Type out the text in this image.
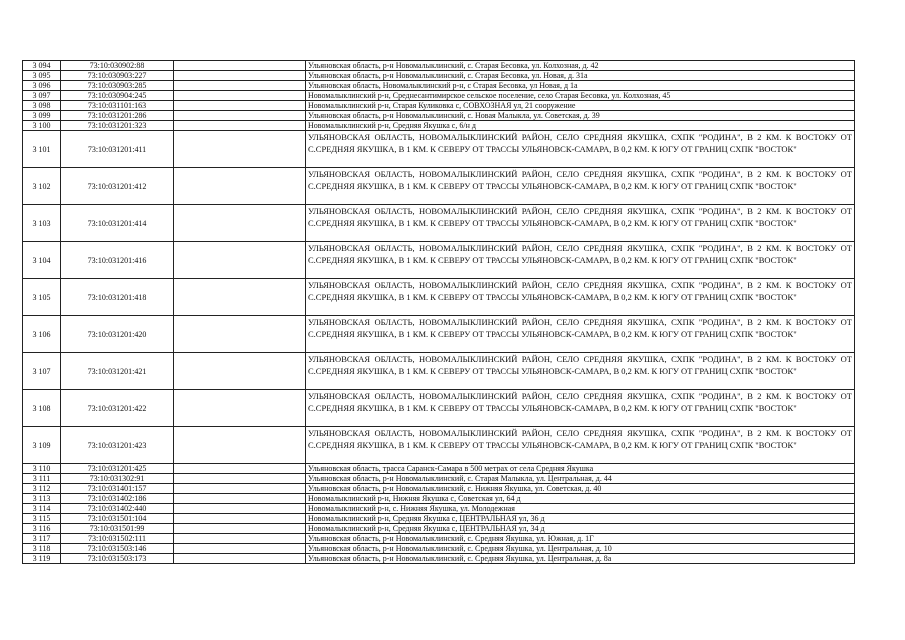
3 094	73:10:030902:88		Ульяновская область, р-н Новомалыклинский, с. Старая Бесовка, ул. Колхозная, д. 42
3 095	73:10:030903:227		Ульяновская область, р-н Новомалыклинский, с. Старая Бесовка, ул. Новая, д. 31а
3 096	73:10:030903:285		Ульяновская область, Новомалыклинский р-н, с Старая Бесовка, ул Новая, д 1а
3 097	73:10:030904:245		Новомалыклинский р-н, Среднесантимирское сельское поселение, село Старая Бесовка, ул. Колхозная, 45
3 098	73:10:031101:163		Новомалыклинский р-н, Старая Куликовка с, СОВХОЗНАЯ ул, 21 сооружение
3 099	73:10:031201:286		Ульяновская область, р-н Новомалыклинский, с. Новая Малыкла, ул. Советская, д. 39
3 100	73:10:031201:323		Новомалыклинский р-н, Средняя Якушка с, 6/н д
3 101	73:10:031201:411		УЛЬЯНОВСКАЯ ОБЛАСТЬ, НОВОМАЛЫКЛИНСКИЙ РАЙОН, СЕЛО СРЕДНЯЯ ЯКУШКА, СХПК "РОДИНА", В 2 КМ. К ВОСТОКУ ОТ С.СРЕДНЯЯ ЯКУШКА, В 1 КМ. К СЕВЕРУ ОТ ТРАССЫ УЛЬЯНОВСК-САМАРА, В 0,2 КМ. К ЮГУ ОТ ГРАНИЦ СХПК "ВОСТОК"
3 102	73:10:031201:412		УЛЬЯНОВСКАЯ ОБЛАСТЬ, НОВОМАЛЫКЛИНСКИЙ РАЙОН, СЕЛО СРЕДНЯЯ ЯКУШКА, СХПК "РОДИНА", В 2 КМ. К ВОСТОКУ ОТ С.СРЕДНЯЯ ЯКУШКА, В 1 КМ. К СЕВЕРУ ОТ ТРАССЫ УЛЬЯНОВСК-САМАРА, В 0,2 КМ. К ЮГУ ОТ ГРАНИЦ СХПК "ВОСТОК"
3 103	73:10:031201:414		УЛЬЯНОВСКАЯ ОБЛАСТЬ, НОВОМАЛЫКЛИНСКИЙ РАЙОН, СЕЛО СРЕДНЯЯ ЯКУШКА, СХПК "РОДИНА", В 2 КМ. К ВОСТОКУ ОТ С.СРЕДНЯЯ ЯКУШКА, В 1 КМ. К СЕВЕРУ ОТ ТРАССЫ УЛЬЯНОВСК-САМАРА, В 0,2 КМ. К ЮГУ ОТ ГРАНИЦ СХПК "ВОСТОК"
3 104	73:10:031201:416		УЛЬЯНОВСКАЯ ОБЛАСТЬ, НОВОМАЛЫКЛИНСКИЙ РАЙОН, СЕЛО СРЕДНЯЯ ЯКУШКА, СХПК "РОДИНА", В 2 КМ. К ВОСТОКУ ОТ С.СРЕДНЯЯ ЯКУШКА, В 1 КМ. К СЕВЕРУ ОТ ТРАССЫ УЛЬЯНОВСК-САМАРА, В 0,2 КМ. К ЮГУ ОТ ГРАНИЦ СХПК "ВОСТОК"
3 105	73:10:031201:418		УЛЬЯНОВСКАЯ ОБЛАСТЬ, НОВОМАЛЫКЛИНСКИЙ РАЙОН, СЕЛО СРЕДНЯЯ ЯКУШКА, СХПК "РОДИНА", В 2 КМ. К ВОСТОКУ ОТ С.СРЕДНЯЯ ЯКУШКА, В 1 КМ. К СЕВЕРУ ОТ ТРАССЫ УЛЬЯНОВСК-САМАРА, В 0,2 КМ. К ЮГУ ОТ ГРАНИЦ СХПК "ВОСТОК"
3 106	73:10:031201:420		УЛЬЯНОВСКАЯ ОБЛАСТЬ, НОВОМАЛЫКЛИНСКИЙ РАЙОН, СЕЛО СРЕДНЯЯ ЯКУШКА, СХПК "РОДИНА", В 2 КМ. К ВОСТОКУ ОТ С.СРЕДНЯЯ ЯКУШКА, В 1 КМ. К СЕВЕРУ ОТ ТРАССЫ УЛЬЯНОВСК-САМАРА, В 0,2 КМ. К ЮГУ ОТ ГРАНИЦ СХПК "ВОСТОК"
3 107	73:10:031201:421		УЛЬЯНОВСКАЯ ОБЛАСТЬ, НОВОМАЛЫКЛИНСКИЙ РАЙОН, СЕЛО СРЕДНЯЯ ЯКУШКА, СХПК "РОДИНА", В 2 КМ. К ВОСТОКУ ОТ С.СРЕДНЯЯ ЯКУШКА, В 1 КМ. К СЕВЕРУ ОТ ТРАССЫ УЛЬЯНОВСК-САМАРА, В 0,2 КМ. К ЮГУ ОТ ГРАНИЦ СХПК "ВОСТОК"
3 108	73:10:031201:422		УЛЬЯНОВСКАЯ ОБЛАСТЬ, НОВОМАЛЫКЛИНСКИЙ РАЙОН, СЕЛО СРЕДНЯЯ ЯКУШКА, СХПК "РОДИНА", В 2 КМ. К ВОСТОКУ ОТ С.СРЕДНЯЯ ЯКУШКА, В 1 КМ. К СЕВЕРУ ОТ ТРАССЫ УЛЬЯНОВСК-САМАРА, В 0,2 КМ. К ЮГУ ОТ ГРАНИЦ СХПК "ВОСТОК"
3 109	73:10:031201:423		УЛЬЯНОВСКАЯ ОБЛАСТЬ, НОВОМАЛЫКЛИНСКИЙ РАЙОН, СЕЛО СРЕДНЯЯ ЯКУШКА, СХПК "РОДИНА", В 2 КМ. К ВОСТОКУ ОТ С.СРЕДНЯЯ ЯКУШКА, В 1 КМ. К СЕВЕРУ ОТ ТРАССЫ УЛЬЯНОВСК-САМАРА, В 0,2 КМ. К ЮГУ ОТ ГРАНИЦ СХПК "ВОСТОК"
3 110	73:10:031201:425		Ульяновская область, трасса Саранск-Самара в 500 метрах от села Средняя Якушка
3 111	73:10:031302:91		Ульяновская область, р-н Новомалыклинский, с. Старая Малыкла, ул. Центральная, д. 44
3 112	73:10:031401:157		Ульяновская область, р-н Новомалыклинский, с. Нижняя Якушка, ул. Советская, д. 40
3 113	73:10:031402:186		Новомалыклинский р-н, Нижняя Якушка с, Советская ул, 64 д
3 114	73:10:031402:440		Новомалыклинский р-н, с. Нижняя Якушка, ул. Молодежная
3 115	73:10:031501:104		Новомалыклинский р-н, Средняя Якушка с, ЦЕНТРАЛЬНАЯ ул, 36 д
3 116	73:10:031501:99		Новомалыклинский р-н, Средняя Якушка с, ЦЕНТРАЛЬНАЯ ул, 34 д
3 117	73:10:031502:111		Ульяновская область, р-н Новомалыклинский, с. Средняя Якушка, ул. Южная, д. 1Г
3 118	73:10:031503:146		Ульяновская область, р-н Новомалыклинский, с. Средняя Якушка, ул. Центральная, д. 10
3 119	73:10:031503:173		Ульяновская область, р-н Новомалыклинский, с. Средняя Якушка, ул. Центральная, д. 8а
